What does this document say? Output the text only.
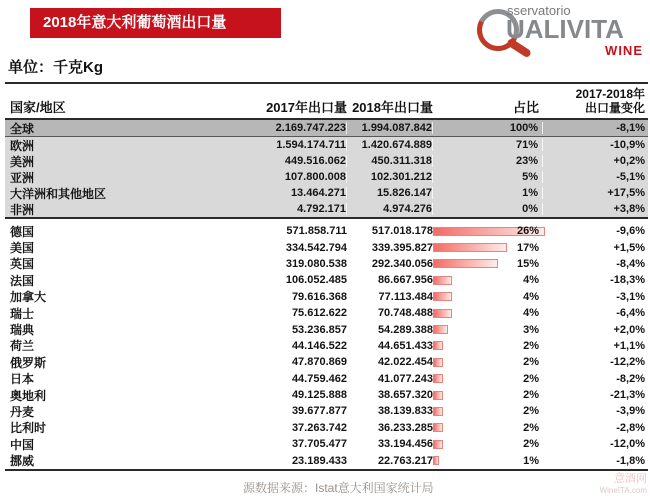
2018年意大利葡萄酒出口量
sservatorio
UALIVITA
WINE
单位：千克Kg
国家/地区	2017年出口量 2018年出口量	占比
2017-2018年
出口量变化
全球	2.169.747.223	1.994.087.842	100%	-8,1%
欧洲	1.594.174.711	1.420.674.889	71%	-10,9%
美洲	449.516.062	450.311.318	23%	+0,2%
亚洲	107.800.008	102.301.212	5%	-5,1%
大洋洲和其他地区	13.464.271	15.826.147	1%	+17,5%
非洲	4.792.171	4.974.276	0%	+3,8%
德国	571.858.711	517.018.178	26%	-9,6%
美国	334.542.794	339.395.827	17%	+1,5%
英国	319.080.538	292.340.056	15%	-8,4%
法国	106.052.485	86.667.956	4%	-18,3%
加拿大	79.616.368	77.113.484	4%	-3,1%
瑞士	75.612.622	70.748.488	4%	-6,4%
瑞典	53.236.857	54.289.388	3%	+2,0%
荷兰	44.146.522	44.651.433	2%	+1,1%
俄罗斯	47.870.869	42.022.454	2%	-12,2%
日本	44.759.462	41.077.243	2%	-8,2%
奥地利	49.125.888	38.657.320	2%	-21,3%
丹麦	39.677.877	38.139.833	2%	-3,9%
比利时	37.263.742	36.233.285	2%	-2,8%
中国	37.705.477	33.194.456	2%	-12,0%
挪威	23.189.433	22.763.217	1%	-1,8%
源数据来源：Istat意大利国家统计局
意酒网
WineITA.com
